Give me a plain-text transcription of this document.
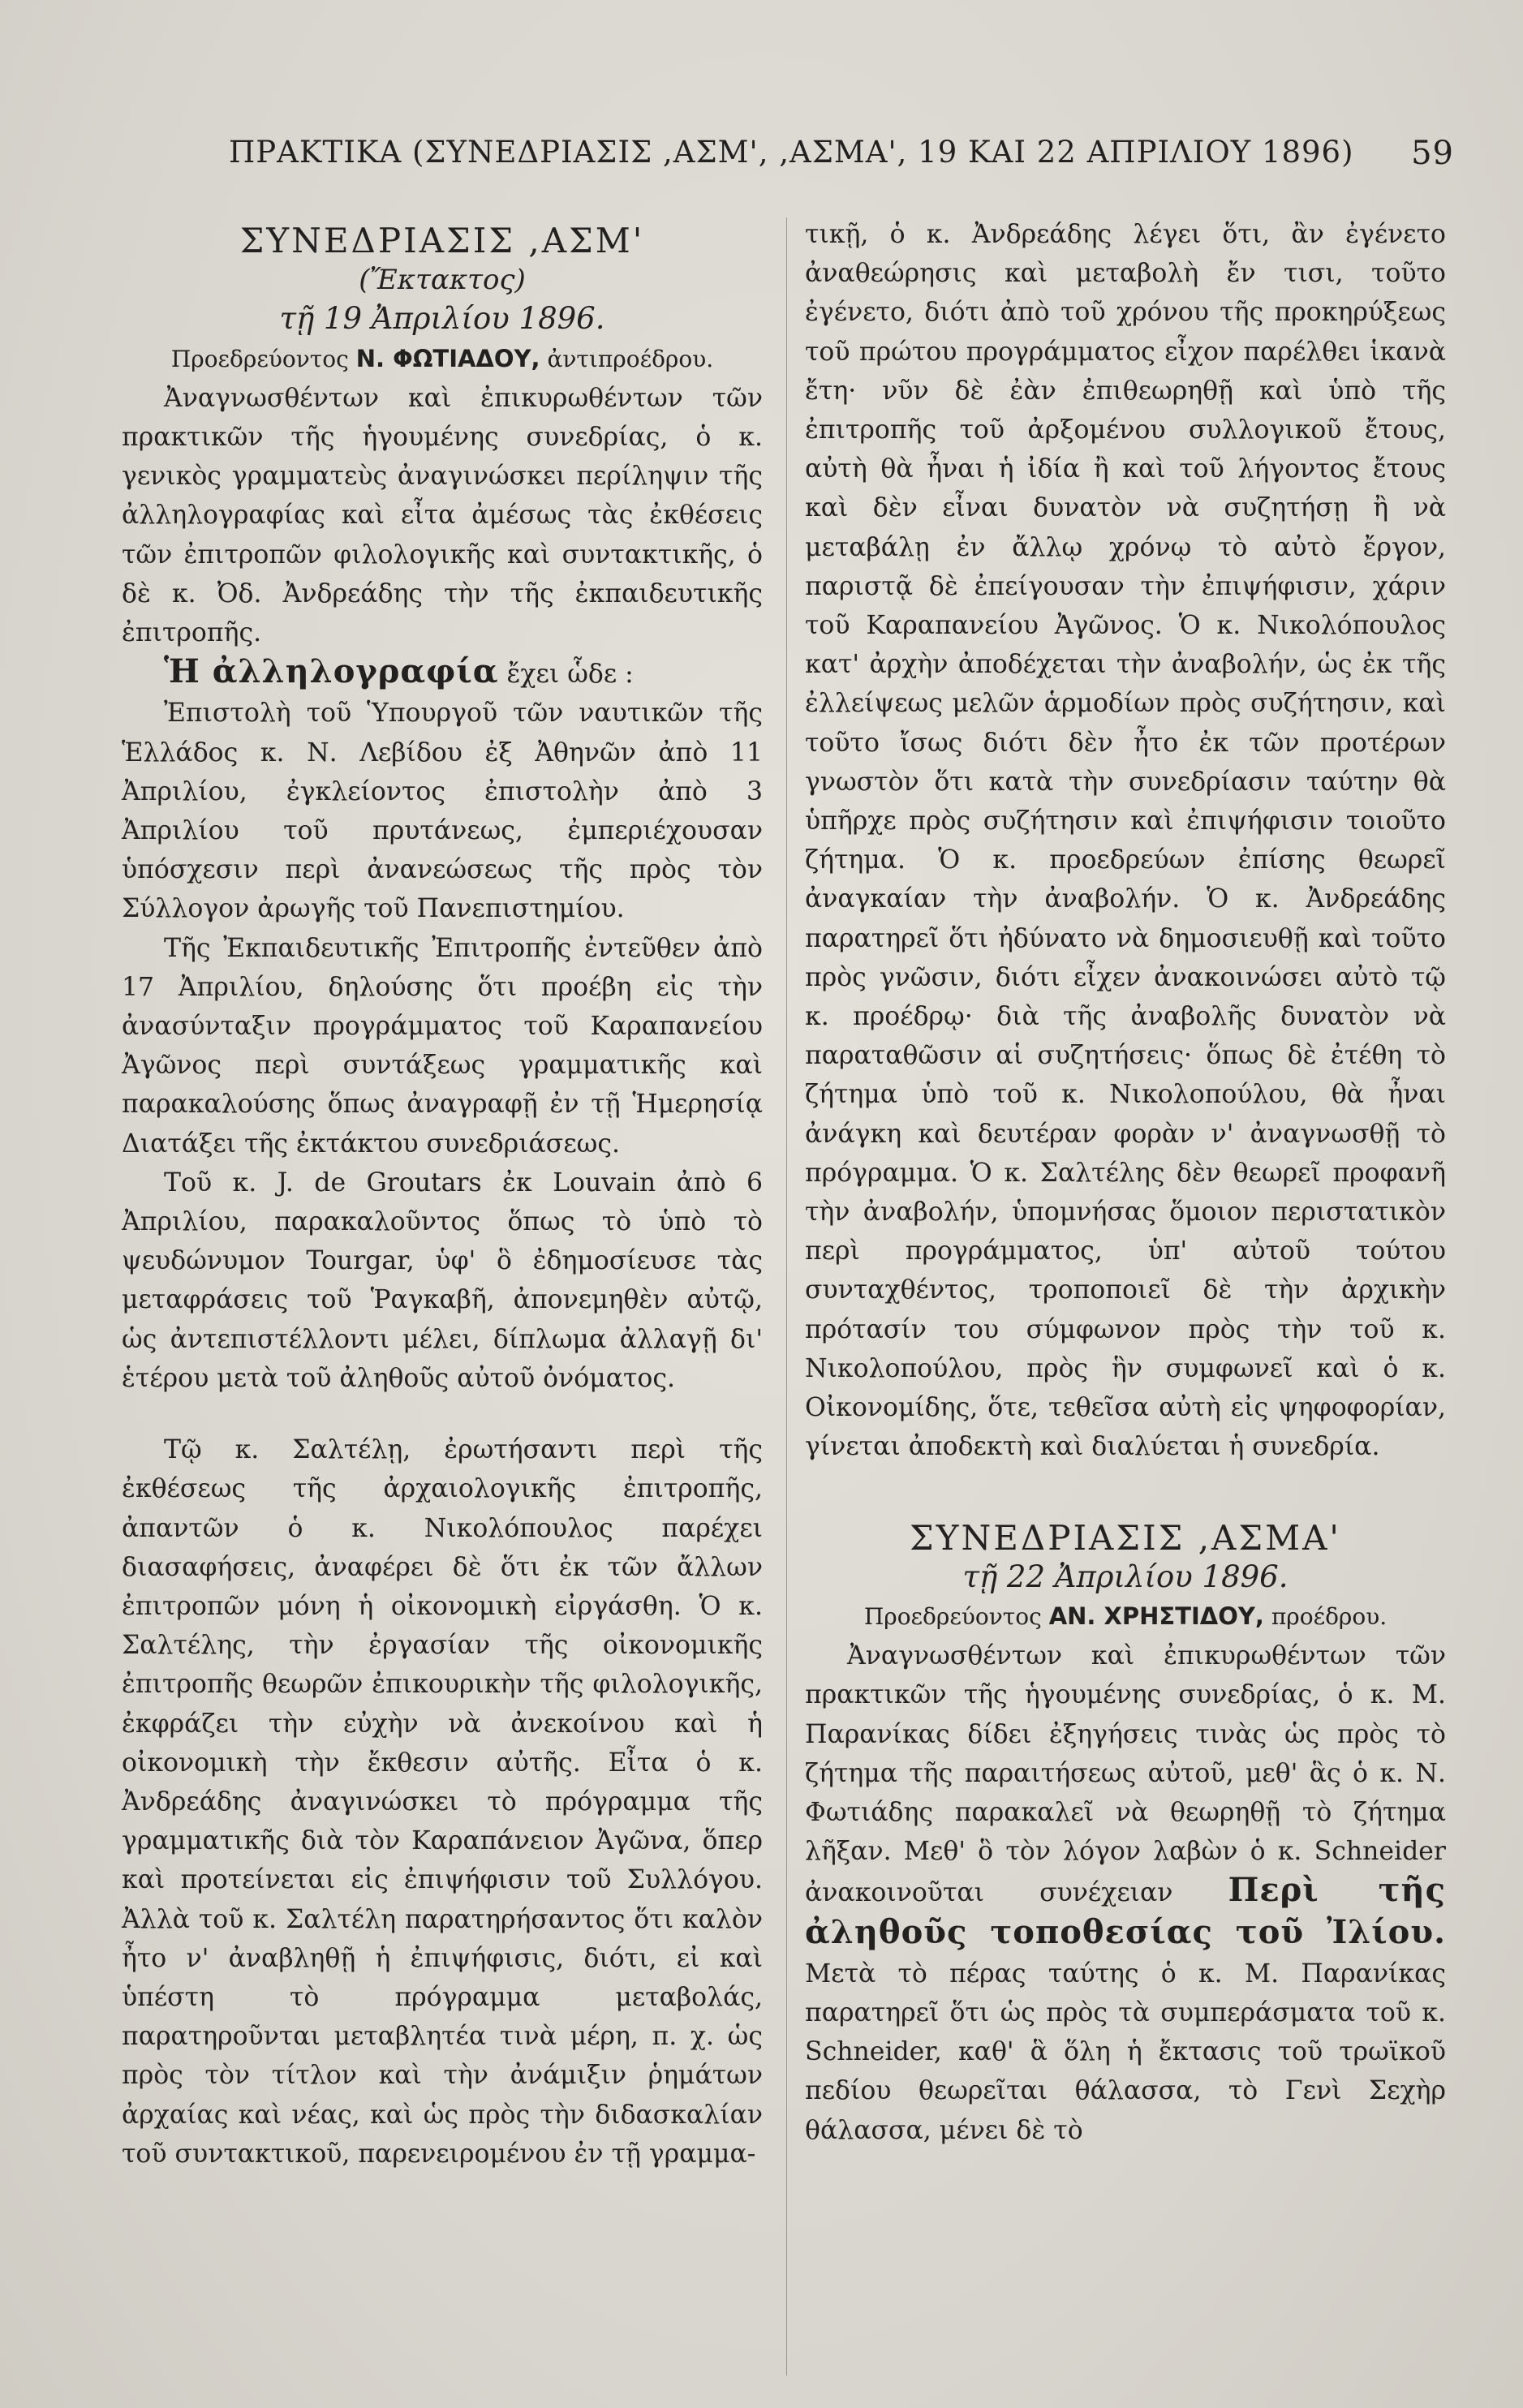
ΠΡΑΚΤΙΚΑ (ΣΥΝΕΔΡΙΑΣΙΣ ,ΑΣΜ', ,ΑΣΜΑ', 19 ΚΑΙ 22 ΑΠΡΙΛΙΟΥ 1896) 59

ΣΥΝΕΔΡΙΑΣΙΣ ,ΑΣΜ'

(Ἔκτακτος)

τῇ 19 Ἀπριλίου 1896.

Προεδρεύοντος Ν. ΦΩΤΙΑΔΟΥ, ἀντιπροέδρου.

Ἀναγνωσθέντων καὶ ἐπικυρωθέντων τῶν πρακτικῶν τῆς ἡγουμένης συνεδρίας, ὁ κ. γενικὸς γραμματεὺς ἀναγινώσκει περίληψιν τῆς ἀλληλογραφίας καὶ εἶτα ἀμέσως τὰς ἐκθέσεις τῶν ἐπιτροπῶν φιλολογικῆς καὶ συντακτικῆς, ὁ δὲ κ. Ὀδ. Ἀνδρεάδης τὴν τῆς ἐκπαιδευτικῆς ἐπιτροπῆς.

Ἡ ἀλληλογραφία ἔχει ὧδε :

Ἐπιστολὴ τοῦ Ὑπουργοῦ τῶν ναυτικῶν τῆς Ἑλλάδος κ. Ν. Λεβίδου ἐξ Ἀθηνῶν ἀπὸ 11 Ἀπριλίου, ἐγκλείοντος ἐπιστολὴν ἀπὸ 3 Ἀπριλίου τοῦ πρυτάνεως, ἐμπεριέχουσαν ὑπόσχεσιν περὶ ἀνανεώσεως τῆς πρὸς τὸν Σύλλογον ἀρωγῆς τοῦ Πανεπιστημίου.

Τῆς Ἐκπαιδευτικῆς Ἐπιτροπῆς ἐντεῦθεν ἀπὸ 17 Ἀπριλίου, δηλούσης ὅτι προέβη εἰς τὴν ἀνασύνταξιν προγράμματος τοῦ Καραπανείου Ἀγῶνος περὶ συντάξεως γραμματικῆς καὶ παρακαλούσης ὅπως ἀναγραφῇ ἐν τῇ Ἡμερησίᾳ Διατάξει τῆς ἐκτάκτου συνεδριάσεως.

Τοῦ κ. J. de Groutars ἐκ Louvain ἀπὸ 6 Ἀπριλίου, παρακαλοῦντος ὅπως τὸ ὑπὸ τὸ ψευδώνυμον Tourgar, ὑφ' ὃ ἐδημοσίευσε τὰς μεταφράσεις τοῦ Ῥαγκαβῆ, ἀπονεμηθὲν αὐτῷ, ὡς ἀντεπιστέλλοντι μέλει, δίπλωμα ἀλλαγῇ δι' ἑτέρου μετὰ τοῦ ἀληθοῦς αὐτοῦ ὀνόματος.

Τῷ κ. Σαλτέλῃ, ἐρωτήσαντι περὶ τῆς ἐκθέσεως τῆς ἀρχαιολογικῆς ἐπιτροπῆς, ἀπαντῶν ὁ κ. Νικολόπουλος παρέχει διασαφήσεις, ἀναφέρει δὲ ὅτι ἐκ τῶν ἄλλων ἐπιτροπῶν μόνη ἡ οἰκονομικὴ εἰργάσθη. Ὁ κ. Σαλτέλης, τὴν ἐργασίαν τῆς οἰκονομικῆς ἐπιτροπῆς θεωρῶν ἐπικουρικὴν τῆς φιλολογικῆς, ἐκφράζει τὴν εὐχὴν νὰ ἀνεκοίνου καὶ ἡ οἰκονομικὴ τὴν ἔκθεσιν αὐτῆς. Εἶτα ὁ κ. Ἀνδρεάδης ἀναγινώσκει τὸ πρόγραμμα τῆς γραμματικῆς διὰ τὸν Καραπάνειον Ἀγῶνα, ὅπερ καὶ προτείνεται εἰς ἐπιψήφισιν τοῦ Συλλόγου. Ἀλλὰ τοῦ κ. Σαλτέλη παρατηρήσαντος ὅτι καλὸν ἦτο ν' ἀναβληθῇ ἡ ἐπιψήφισις, διότι, εἰ καὶ ὑπέστη τὸ πρόγραμμα μεταβολάς, παρατηροῦνται μεταβλητέα τινὰ μέρη, π. χ. ὡς πρὸς τὸν τίτλον καὶ τὴν ἀνάμιξιν ῥημάτων ἀρχαίας καὶ νέας, καὶ ὡς πρὸς τὴν διδασκαλίαν τοῦ συντακτικοῦ, παρενειρομένου ἐν τῇ γραμμα-

τικῇ, ὁ κ. Ἀνδρεάδης λέγει ὅτι, ἂν ἐγένετο ἀναθεώρησις καὶ μεταβολὴ ἔν τισι, τοῦτο ἐγένετο, διότι ἀπὸ τοῦ χρόνου τῆς προκηρύξεως τοῦ πρώτου προγράμματος εἶχον παρέλθει ἱκανὰ ἔτη· νῦν δὲ ἐὰν ἐπιθεωρηθῇ καὶ ὑπὸ τῆς ἐπιτροπῆς τοῦ ἀρξομένου συλλογικοῦ ἔτους, αὐτὴ θὰ ἦναι ἡ ἰδία ἢ καὶ τοῦ λήγοντος ἔτους καὶ δὲν εἶναι δυνατὸν νὰ συζητήσῃ ἢ νὰ μεταβάλῃ ἐν ἄλλῳ χρόνῳ τὸ αὐτὸ ἔργον, παριστᾷ δὲ ἐπείγουσαν τὴν ἐπιψήφισιν, χάριν τοῦ Καραπανείου Ἀγῶνος. Ὁ κ. Νικολόπουλος κατ' ἀρχὴν ἀποδέχεται τὴν ἀναβολήν, ὡς ἐκ τῆς ἐλλείψεως μελῶν ἁρμοδίων πρὸς συζήτησιν, καὶ τοῦτο ἴσως διότι δὲν ἦτο ἐκ τῶν προτέρων γνωστὸν ὅτι κατὰ τὴν συνεδρίασιν ταύτην θὰ ὑπῆρχε πρὸς συζήτησιν καὶ ἐπιψήφισιν τοιοῦτο ζήτημα. Ὁ κ. προεδρεύων ἐπίσης θεωρεῖ ἀναγκαίαν τὴν ἀναβολήν. Ὁ κ. Ἀνδρεάδης παρατηρεῖ ὅτι ἠδύνατο νὰ δημοσιευθῇ καὶ τοῦτο πρὸς γνῶσιν, διότι εἶχεν ἀνακοινώσει αὐτὸ τῷ κ. προέδρῳ· διὰ τῆς ἀναβολῆς δυνατὸν νὰ παραταθῶσιν αἱ συζητήσεις· ὅπως δὲ ἐτέθη τὸ ζήτημα ὑπὸ τοῦ κ. Νικολοπούλου, θὰ ἦναι ἀνάγκη καὶ δευτέραν φορὰν ν' ἀναγνωσθῇ τὸ πρόγραμμα. Ὁ κ. Σαλτέλης δὲν θεωρεῖ προφανῆ τὴν ἀναβολήν, ὑπομνήσας ὅμοιον περιστατικὸν περὶ προγράμματος, ὑπ' αὐτοῦ τούτου συνταχθέντος, τροποποιεῖ δὲ τὴν ἀρχικὴν πρότασίν του σύμφωνον πρὸς τὴν τοῦ κ. Νικολοπούλου, πρὸς ἣν συμφωνεῖ καὶ ὁ κ. Οἰκονομίδης, ὅτε, τεθεῖσα αὐτὴ εἰς ψηφοφορίαν, γίνεται ἀποδεκτὴ καὶ διαλύεται ἡ συνεδρία.

ΣΥΝΕΔΡΙΑΣΙΣ ,ΑΣΜΑ'

τῇ 22 Ἀπριλίου 1896.

Προεδρεύοντος ΑΝ. ΧΡΗΣΤΙΔΟΥ, προέδρου.

Ἀναγνωσθέντων καὶ ἐπικυρωθέντων τῶν πρακτικῶν τῆς ἡγουμένης συνεδρίας, ὁ κ. Μ. Παρανίκας δίδει ἐξηγήσεις τινὰς ὡς πρὸς τὸ ζήτημα τῆς παραιτήσεως αὐτοῦ, μεθ' ἃς ὁ κ. Ν. Φωτιάδης παρακαλεῖ νὰ θεωρηθῇ τὸ ζήτημα λῆξαν. Μεθ' ὃ τὸν λόγον λαβὼν ὁ κ. Schneider ἀνακοινοῦται συνέχειαν Περὶ τῆς ἀληθοῦς τοποθεσίας τοῦ Ἰλίου. Μετὰ τὸ πέρας ταύτης ὁ κ. Μ. Παρανίκας παρατηρεῖ ὅτι ὡς πρὸς τὰ συμπεράσματα τοῦ κ. Schneider, καθ' ἃ ὅλη ἡ ἔκτασις τοῦ τρωϊκοῦ πεδίου θεωρεῖται θάλασσα, τὸ Γενὶ Σεχὴρ θάλασσα, μένει δὲ τὸ
